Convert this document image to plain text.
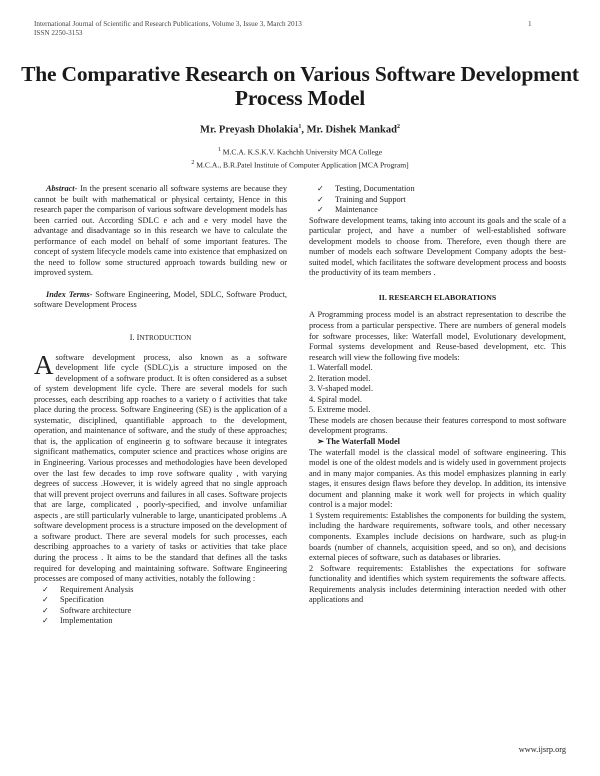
International Journal of Scientific and Research Publications, Volume 3, Issue 3, March 2013
ISSN 2250-3153
1
The Comparative Research on Various Software Development Process Model
Mr. Preyash Dholakia$^1$, Mr. Dishek Mankad$^2$
$^1$ M.C.A. K.S.K.V. Kachchh University MCA College
$^2$ M.C.A., B.R.Patel Institute of Computer Application [MCA Program]

Abstract- In the present scenario all software systems are because they cannot be built with mathematical or physical certainty, Hence in this research paper the comparison of various software development models has been carried out. According SDLC e ach and e very model have the advantage and disadvantage so in this research we have to calculate the performance of each model on behalf of some important features. The concept of system lifecycle models came into existence that emphasized on the need to follow some structured approach towards building new or improved system.

Index Terms- Software Engineering, Model, SDLC, Software Product, software Development Process

I. INTRODUCTION

Asoftware development process, also known as a software development life cycle (SDLC),is a structure imposed on the development of a software product. It is often considered as a subset of system development life cycle. There are several models for such processes, each describing app roaches to a variety o f activities that take place during the process. Software Engineering (SE) is the application of a systematic, disciplined, quantifiable approach to the development, operation, and maintenance of software, and the study of these approaches; that is, the application of engineerin g to software because it integrates significant mathematics, computer science and practices whose origins are in Engineering. Various processes and methodologies have been developed over the last few decades to imp rove software quality , with varying degrees of success .However, it is widely agreed that no single approach that will prevent project overruns and failures in all cases. Software projects that are large, complicated , poorly-specified, and involve unfamiliar aspects , are still particularly vulnerable to large, unanticipated problems .A software development process is a structure imposed on the development of a software product. There are several models for such processes, each describing approaches to a variety of tasks or activities that take place during the process . It aims to be the standard that defines all the tasks required for developing and maintaining software. Software Engineering processes are composed of many activities, notably the following :

✓ Requirement Analysis
✓ Specification
✓ Software architecture
✓ Implementation
✓ Testing, Documentation
✓ Training and Support
✓ Maintenance

Software development teams, taking into account its goals and the scale of a particular project, and have a number of well-established software development models to choose from. Therefore, even though there are number of models each software Development Company adopts the best-suited model, which facilitates the software development process and boosts the productivity of its team members .

II. RESEARCH ELABORATIONS

A Programming process model is an abstract representation to describe the process from a particular perspective. There are numbers of general models for software processes, like: Waterfall model, Evolutionary development, Formal systems development and Reuse-based development, etc. This research will view the following five models:

1. Waterfall model.
2. Iteration model.
3. V-shaped model.
4. Spiral model.
5. Extreme model.

These models are chosen because their features correspond to most software development programs.

➢ The Waterfall Model

The waterfall model is the classical model of software engineering. This model is one of the oldest models and is widely used in government projects and in many major companies. As this model emphasizes planning in early stages, it ensures design flaws before they develop. In addition, its intensive document and planning make it work well for projects in which quality control is a major model:

1 System requirements: Establishes the components for building the system, including the hardware requirements, software tools, and other necessary components. Examples include decisions on hardware, such as plug-in boards (number of channels, acquisition speed, and so on), and decisions external pieces of software, such as databases or libraries.

2 Software requirements: Establishes the expectations for software functionality and identifies which system requirements the software affects. Requirements analysis includes determining interaction needed with other applications and

www.ijsrp.org
